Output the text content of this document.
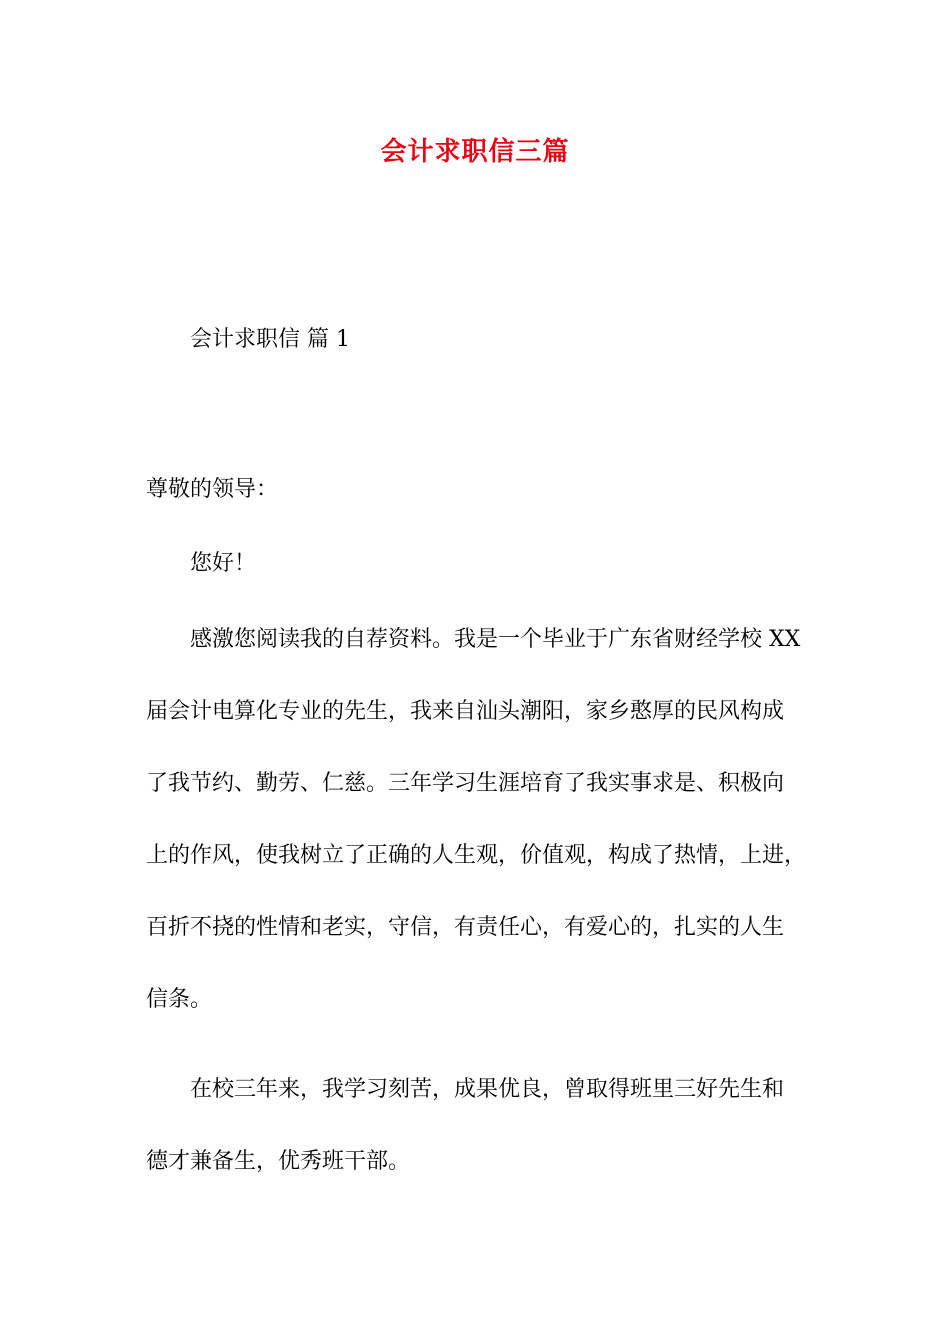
会计求职信三篇
会计求职信 篇 1
尊敬的领导：
您好！
感激您阅读我的自荐资料。我是一个毕业于广东省财经学校 XX
届会计电算化专业的先生，我来自汕头潮阳，家乡憨厚的民风构成
了我节约、勤劳、仁慈。三年学习生涯培育了我实事求是、积极向
上的作风，使我树立了正确的人生观，价值观，构成了热情，上进，
百折不挠的性情和老实，守信，有责任心，有爱心的，扎实的人生
信条。
在校三年来，我学习刻苦，成果优良，曾取得班里三好先生和
德才兼备生，优秀班干部。
